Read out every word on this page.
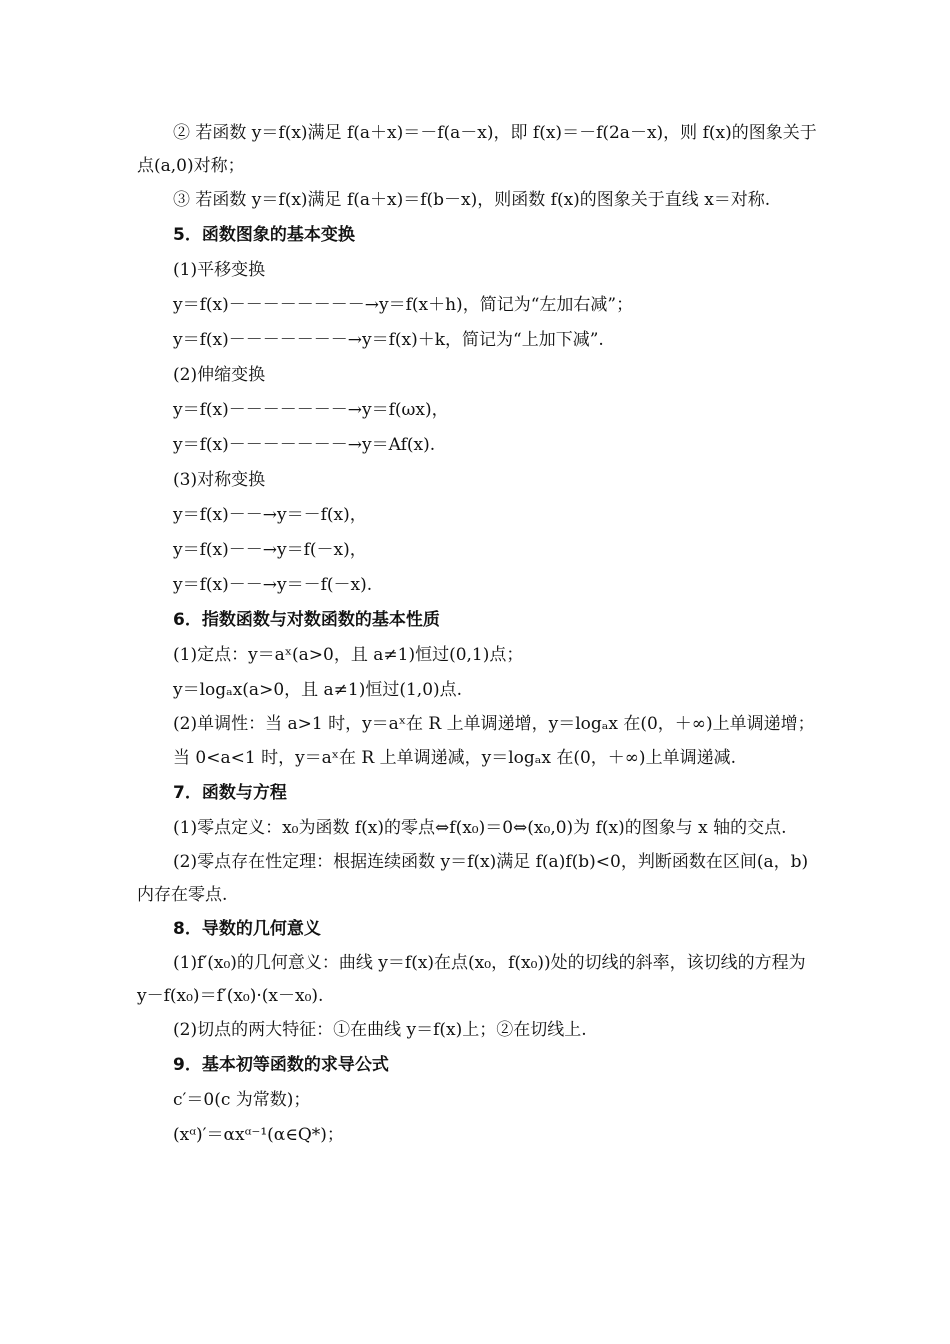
② 若函数 y＝f(x)满足 f(a＋x)＝－f(a－x)，即 f(x)＝－f(2a－x)，则 f(x)的图象关于点(a,0)对称；
③ 若函数 y＝f(x)满足 f(a＋x)＝f(b－x)，则函数 f(x)的图象关于直线 x＝对称.
5．函数图象的基本变换
(1)平移变换
y＝f(x)－－－－－－－－→y＝f(x＋h)，简记为“左加右减”；
y＝f(x)－－－－－－－→y＝f(x)＋k，简记为“上加下减”.
(2)伸缩变换
y＝f(x)－－－－－－－→y＝f(ωx)，
y＝f(x)－－－－－－－→y＝Af(x).
(3)对称变换
y＝f(x)－－→y＝－f(x)，
y＝f(x)－－→y＝f(－x)，
y＝f(x)－－→y＝－f(－x).
6．指数函数与对数函数的基本性质
(1)定点：y＝aˣ(a>0，且 a≠1)恒过(0,1)点；
y＝logₐx(a>0，且 a≠1)恒过(1,0)点.
(2)单调性：当 a>1 时，y＝aˣ在 R 上单调递增，y＝logₐx 在(0，＋∞)上单调递增；
当 0<a<1 时，y＝aˣ在 R 上单调递减，y＝logₐx 在(0，＋∞)上单调递减.
7．函数与方程
(1)零点定义：x₀为函数 f(x)的零点⇔f(x₀)＝0⇔(x₀,0)为 f(x)的图象与 x 轴的交点.
(2)零点存在性定理：根据连续函数 y＝f(x)满足 f(a)f(b)<0，判断函数在区间(a，b)内存在零点.
8．导数的几何意义
(1)f′(x₀)的几何意义：曲线 y＝f(x)在点(x₀，f(x₀))处的切线的斜率，该切线的方程为 y－f(x₀)＝f′(x₀)·(x－x₀).
(2)切点的两大特征：①在曲线 y＝f(x)上；②在切线上.
9．基本初等函数的求导公式
c′＝0(c 为常数)；
(xᵅ)′＝αxᵅ⁻¹(α∈Q*)；
